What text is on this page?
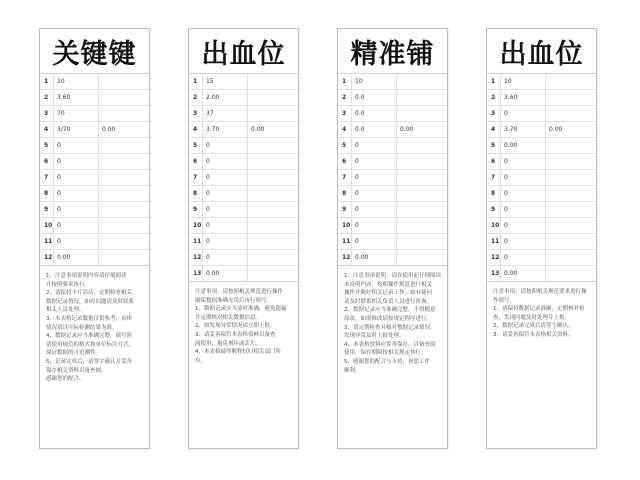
关键键
1	10
2	3.60
3	70
4	3/70	0.00
5	0
6	0
7	0
8	0
9	0
10 0
11 0
12 0.00
1、注意事项说明内容请仔细阅读
并按照要求执行。
2、请保持卡片清洁，定期检查相关
数据记录情况。如有问题请及时联系
相关人员处理。
3、本表格记录数据仅供参考，具体
情况请以实际检测结果为准。
4、数据记录应当准确完整，填写时
请使用规范的格式和单位标注方式，
保证数据的可追溯性。
5、记录完成后，请签字确认并妥善
保存相关资料以备查阅。
感谢您的配合。
出血位
1	15
2	2.00
3	37
4	3.70	0.00
5	0
6	0
7	0
8	0
9	0
10 0
11 0
12 0
13 0.00
注意事项：请按照相关规范进行操作
确保数据准确无误后再行填写。
1、数据记录应当及时准确，避免遗漏
并定期核对相关数据信息。
2、如发现异常情况请立即上报。
3、请妥善保管本表格资料以备查
阅使用，避免损坏或丢失。
4、本表格最终解释权归相关部门所
有。
精准铺
1	10
2	0.0
3	0.0
4	0.0	0.00
5	0
6	0
7	0
8	0
9	0
10 0
11 0
12 0.00
1、注意事项说明：请在使用前仔细阅读
本说明内容，按照操作规范进行相关
操作并做好相关记录工作。如有疑问
请及时联系相关负责人员进行咨询。
2、数据记录应当准确完整，不得随意
涂改，如需修改请按规定程序进行。
3、请定期检查并核对数据记录情况，
发现异常及时上报处理。
4、本表格资料应妥善保存，以备查阅
使用，保存期限按相关规定执行。
5、感谢您的配合与支持，祝您工作
顺利。
出血位
1	10
2	3.60
3	0
4	3.70	0.00
5	0.00
6	0
7	0
8	0
9	0
10 0
11 0
12 0
13 0.00
注意事项：请按照相关规范要求进行操
作填写。
1、请保持数据记录准确，定期核对检
查，发现问题及时处理并上报。
2、数据记录完成后请签字确认。
3、请妥善保管本表格相关资料。
